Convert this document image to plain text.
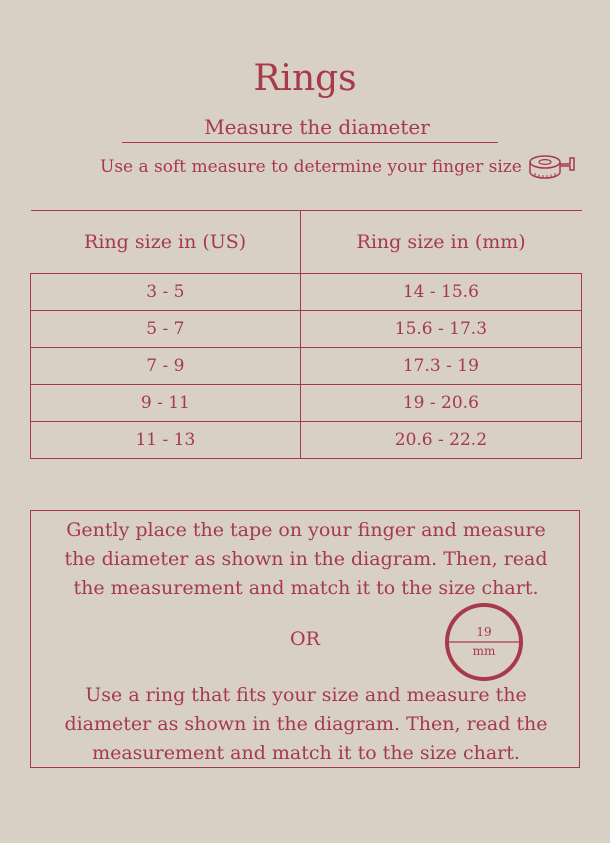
Rings
Measure the diameter
Use a soft measure to determine your finger size
Ring size in (US)	Ring size in (mm)
3 - 5	14 - 15.6
5 - 7	15.6 - 17.3
7 - 9	17.3 - 19
9 - 11	19 - 20.6
11 - 13	20.6 - 22.2

Gently place the tape on your finger and measure the diameter as shown in the diagram. Then, read the measurement and match it to the size chart.

OR	19
mm

Use a ring that fits your size and measure the diameter as shown in the diagram. Then, read the measurement and match it to the size chart.
